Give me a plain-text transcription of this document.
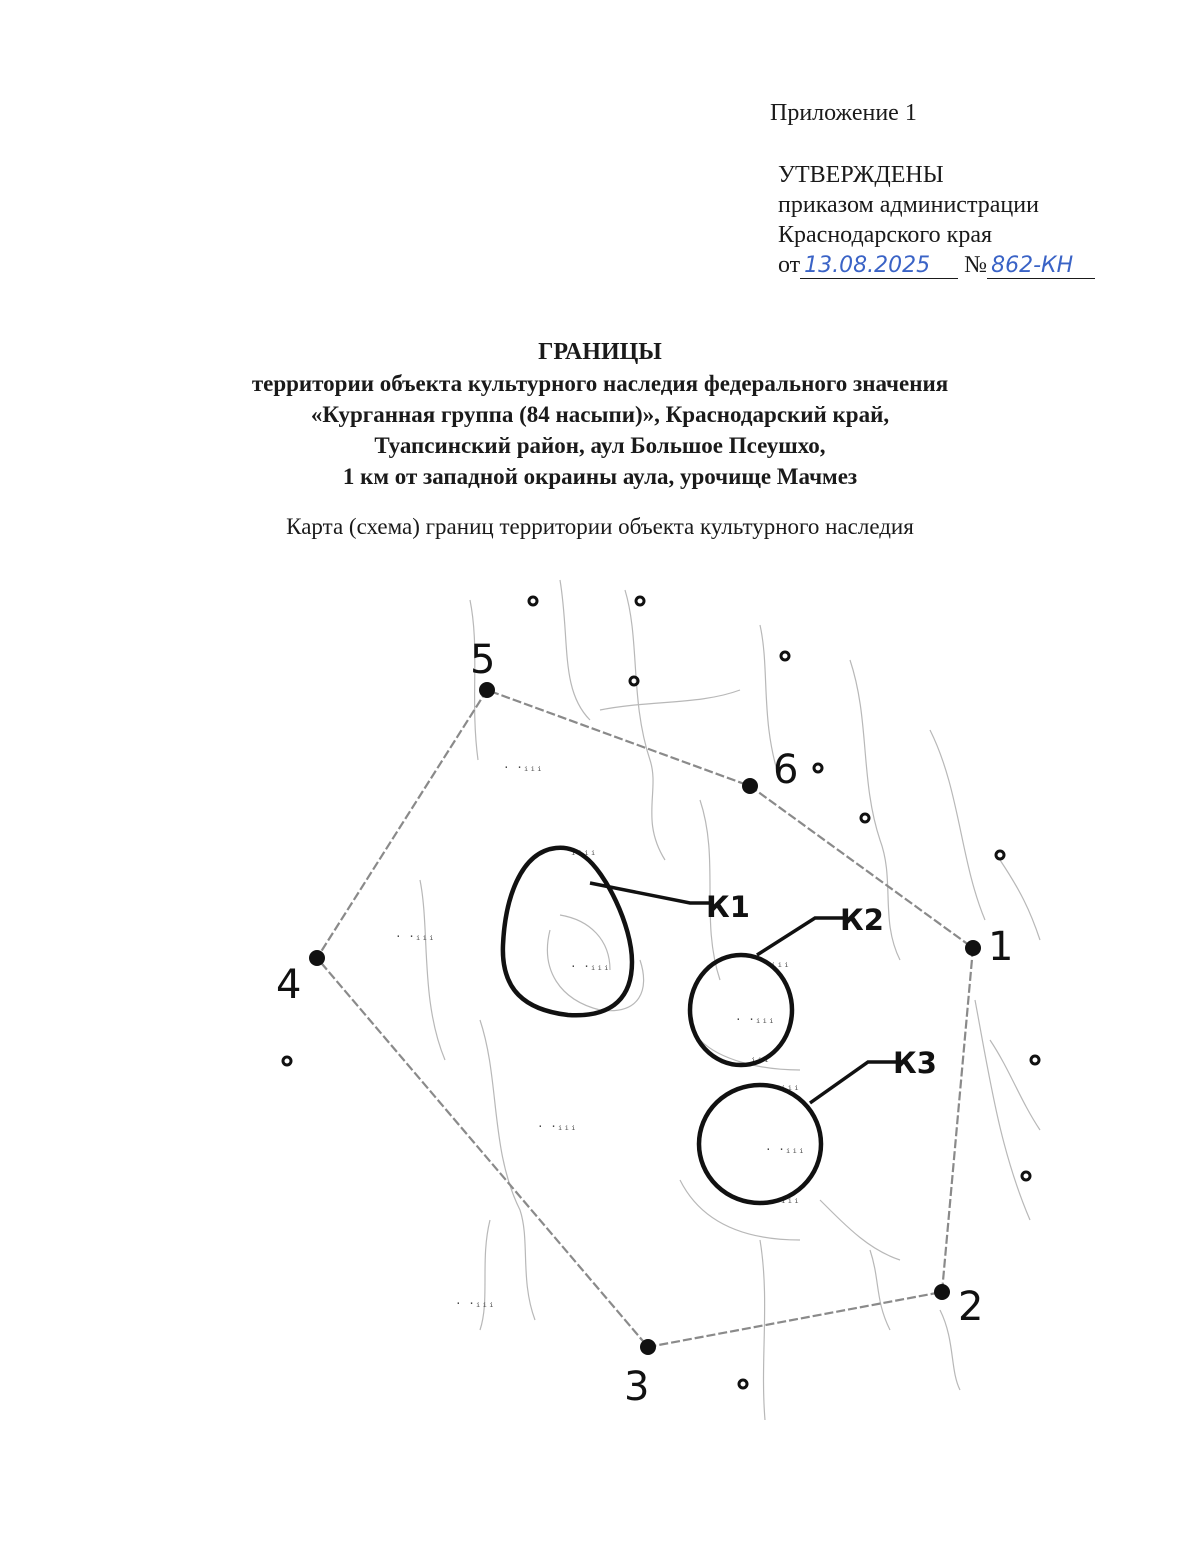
Приложение 1
УТВЕРЖДЕНЫ
приказом администрации
Краснодарского края
от 13.08.2025 № 862-КН
ГРАНИЦЫ
территории объекта культурного наследия федерального значения
«Курганная группа (84 насыпи)», Краснодарский край,
Туапсинский район, аул Большое Псеушхо,
1 км от западной окраины аула, урочище Мачмез
Карта (схема) границ территории объекта культурного наследия
· ·ᵢᵢᵢ
· ·ᵢᵢᵢ
ᵢᵢᵢᵢ
· ·ᵢᵢᵢ	ᵢᵢᵢ
· ·ᵢᵢᵢ
ᵢᵢᵢ
ᵢᵢᵢ
· ·ᵢᵢᵢ
· ·ᵢᵢᵢ
ᵢᵢᵢ
· ·ᵢᵢᵢ
1
2
3
4
5
6
К1	К2
К3
